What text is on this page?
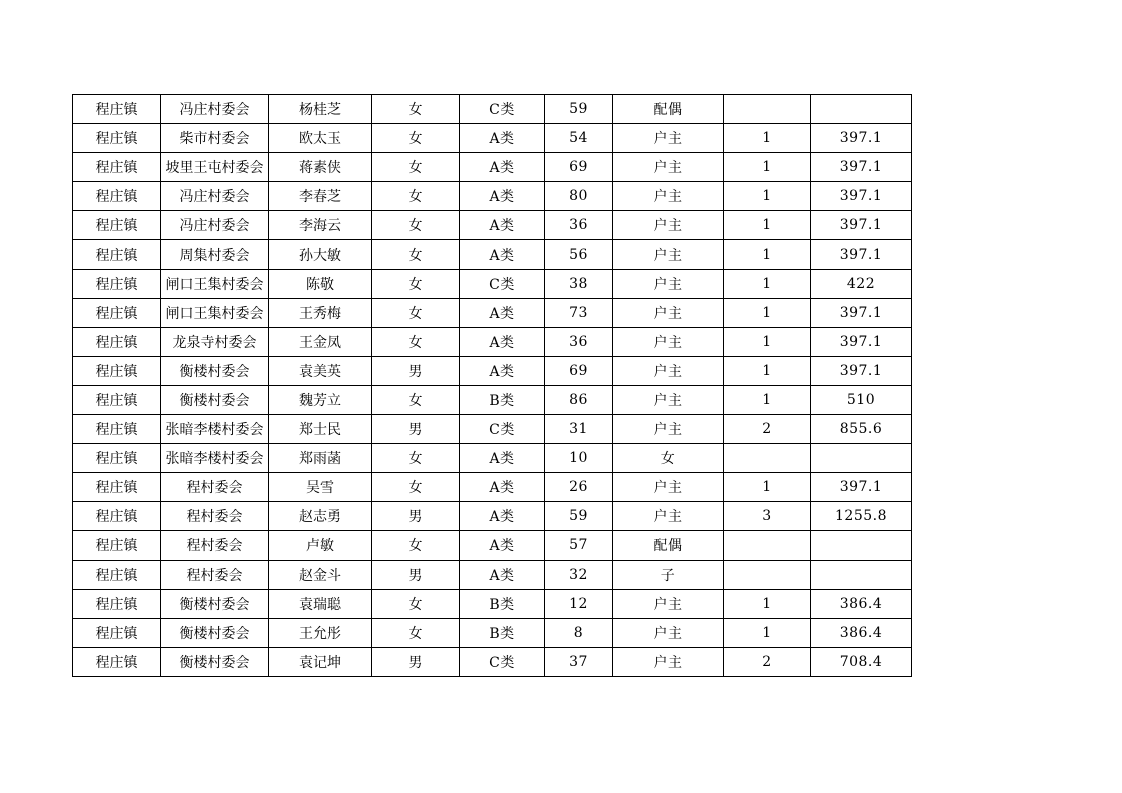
程庄镇	冯庄村委会	杨桂芝	女	C类	59	配偶		
程庄镇	柴市村委会	欧太玉	女	A类	54	户主	1	397.1
程庄镇	坡里王屯村委会	蒋素侠	女	A类	69	户主	1	397.1
程庄镇	冯庄村委会	李春芝	女	A类	80	户主	1	397.1
程庄镇	冯庄村委会	李海云	女	A类	36	户主	1	397.1
程庄镇	周集村委会	孙大敏	女	A类	56	户主	1	397.1
程庄镇	闸口王集村委会	陈敬	女	C类	38	户主	1	422
程庄镇	闸口王集村委会	王秀梅	女	A类	73	户主	1	397.1
程庄镇	龙泉寺村委会	王金凤	女	A类	36	户主	1	397.1
程庄镇	衡楼村委会	袁美英	男	A类	69	户主	1	397.1
程庄镇	衡楼村委会	魏芳立	女	B类	86	户主	1	510
程庄镇	张暗李楼村委会	郑士民	男	C类	31	户主	2	855.6
程庄镇	张暗李楼村委会	郑雨菡	女	A类	10	女		
程庄镇	程村委会	吴雪	女	A类	26	户主	1	397.1
程庄镇	程村委会	赵志勇	男	A类	59	户主	3	1255.8
程庄镇	程村委会	卢敏	女	A类	57	配偶		
程庄镇	程村委会	赵金斗	男	A类	32	子		
程庄镇	衡楼村委会	袁瑞聪	女	B类	12	户主	1	386.4
程庄镇	衡楼村委会	王允彤	女	B类	8	户主	1	386.4
程庄镇	衡楼村委会	袁记坤	男	C类	37	户主	2	708.4
